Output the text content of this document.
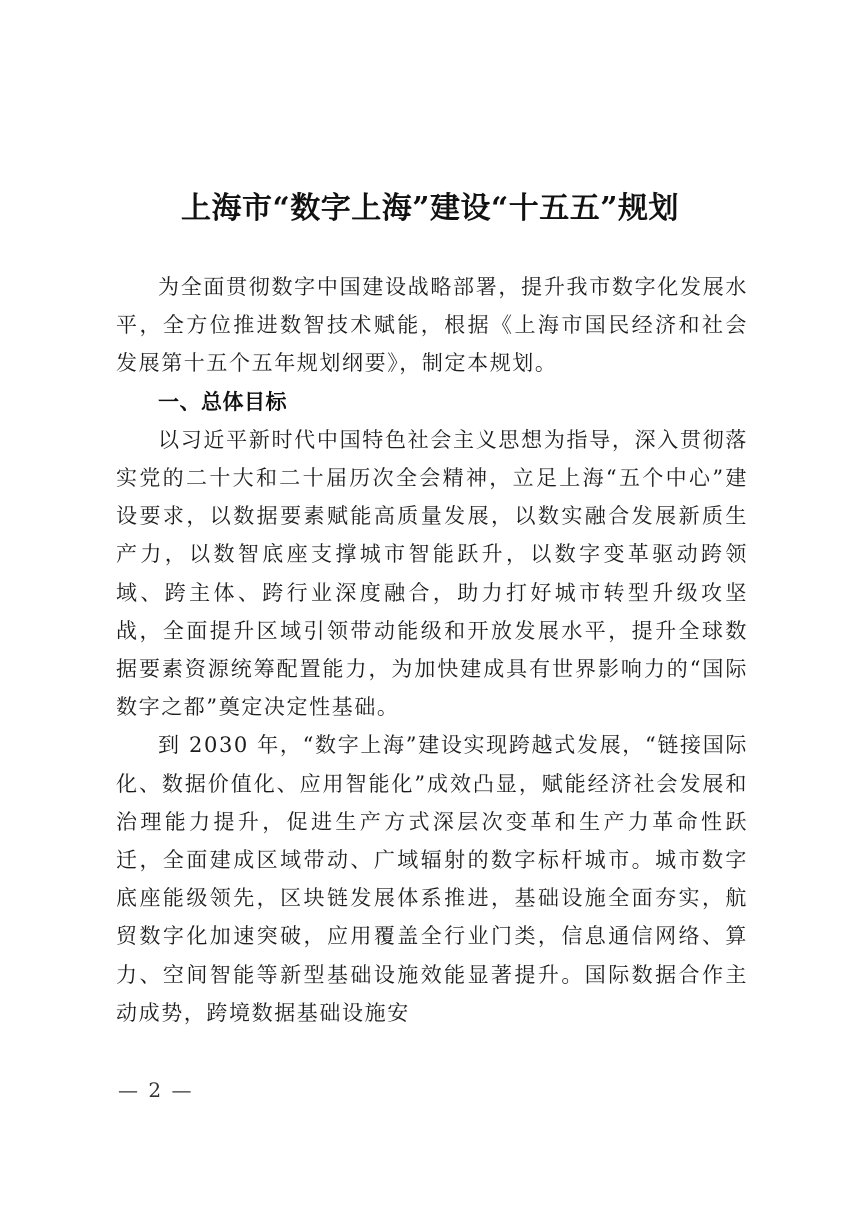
上海市“数字上海”建设“十五五”规划

为全面贯彻数字中国建设战略部署，提升我市数字化发展水平，全方位推进数智技术赋能，根据《上海市国民经济和社会发展第十五个五年规划纲要》，制定本规划。

一、总体目标

以习近平新时代中国特色社会主义思想为指导，深入贯彻落实党的二十大和二十届历次全会精神，立足上海“五个中心”建设要求，以数据要素赋能高质量发展，以数实融合发展新质生产力，以数智底座支撑城市智能跃升，以数字变革驱动跨领域、跨主体、跨行业深度融合，助力打好城市转型升级攻坚战，全面提升区域引领带动能级和开放发展水平，提升全球数据要素资源统筹配置能力，为加快建成具有世界影响力的“国际数字之都”奠定决定性基础。

到 2030 年，“数字上海”建设实现跨越式发展，“链接国际化、数据价值化、应用智能化”成效凸显，赋能经济社会发展和治理能力提升，促进生产方式深层次变革和生产力革命性跃迁，全面建成区域带动、广域辐射的数字标杆城市。城市数字底座能级领先，区块链发展体系推进，基础设施全面夯实，航贸数字化加速突破，应用覆盖全行业门类，信息通信网络、算力、空间智能等新型基础设施效能显著提升。国际数据合作主动成势，跨境数据基础设施安

— 2 —
